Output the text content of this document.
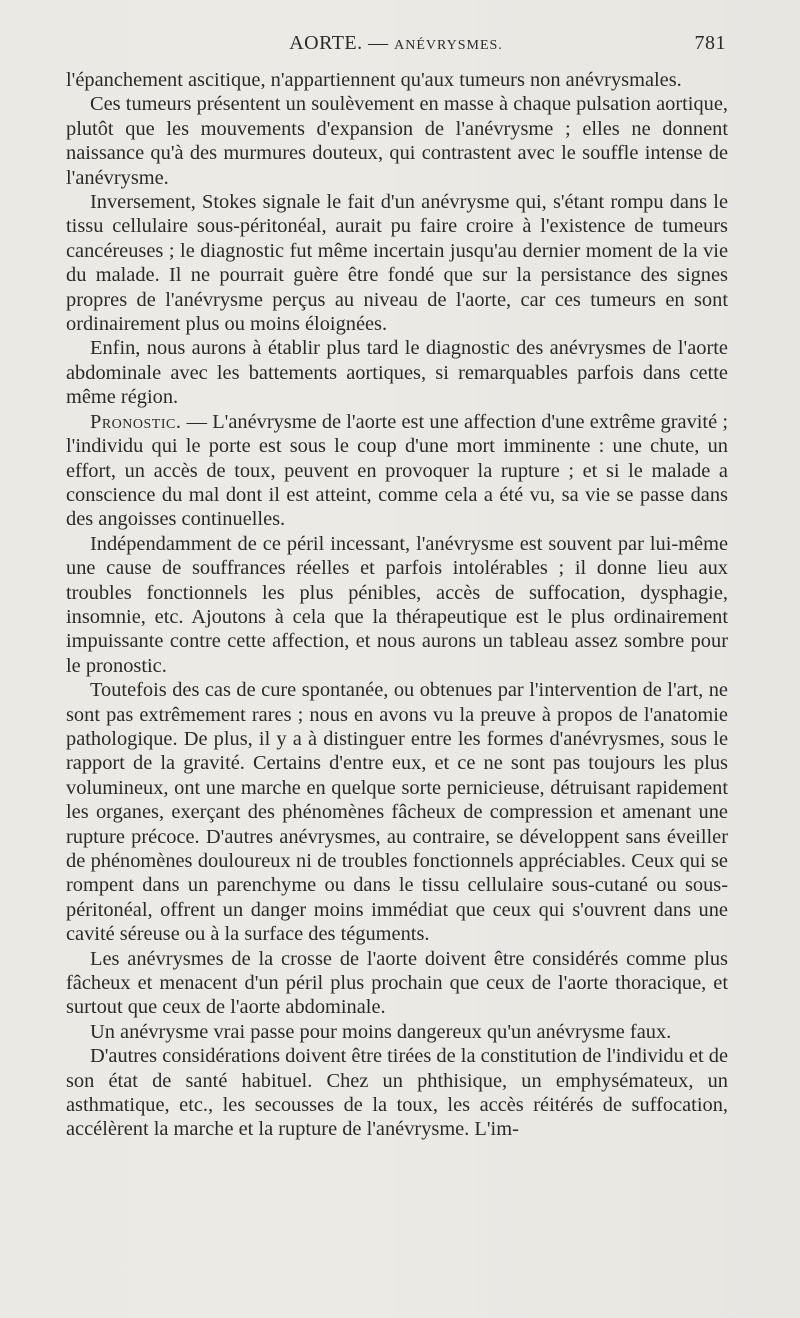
AORTE. — ANÉVRYSMES.	781

l'épanchement ascitique, n'appartiennent qu'aux tumeurs non anévrysmales.

Ces tumeurs présentent un soulèvement en masse à chaque pulsation aortique, plutôt que les mouvements d'expansion de l'anévrysme ; elles ne donnent naissance qu'à des murmures douteux, qui contrastent avec le souffle intense de l'anévrysme.

Inversement, Stokes signale le fait d'un anévrysme qui, s'étant rompu dans le tissu cellulaire sous-péritonéal, aurait pu faire croire à l'existence de tumeurs cancéreuses ; le diagnostic fut même incertain jusqu'au dernier moment de la vie du malade. Il ne pourrait guère être fondé que sur la persistance des signes propres de l'anévrysme perçus au niveau de l'aorte, car ces tumeurs en sont ordinairement plus ou moins éloignées.

Enfin, nous aurons à établir plus tard le diagnostic des anévrysmes de l'aorte abdominale avec les battements aortiques, si remarquables parfois dans cette même région.

Pronostic. — L'anévrysme de l'aorte est une affection d'une extrême gravité ; l'individu qui le porte est sous le coup d'une mort imminente : une chute, un effort, un accès de toux, peuvent en provoquer la rupture ; et si le malade a conscience du mal dont il est atteint, comme cela a été vu, sa vie se passe dans des angoisses continuelles.

Indépendamment de ce péril incessant, l'anévrysme est souvent par lui-même une cause de souffrances réelles et parfois intolérables ; il donne lieu aux troubles fonctionnels les plus pénibles, accès de suffocation, dysphagie, insomnie, etc. Ajoutons à cela que la thérapeutique est le plus ordinairement impuissante contre cette affection, et nous aurons un tableau assez sombre pour le pronostic.

Toutefois des cas de cure spontanée, ou obtenues par l'intervention de l'art, ne sont pas extrêmement rares ; nous en avons vu la preuve à propos de l'anatomie pathologique. De plus, il y a à distinguer entre les formes d'anévrysmes, sous le rapport de la gravité. Certains d'entre eux, et ce ne sont pas toujours les plus volumineux, ont une marche en quelque sorte pernicieuse, détruisant rapidement les organes, exerçant des phénomènes fâcheux de compression et amenant une rupture précoce. D'autres anévrysmes, au contraire, se développent sans éveiller de phénomènes douloureux ni de troubles fonctionnels appréciables. Ceux qui se rompent dans un parenchyme ou dans le tissu cellulaire sous-cutané ou sous-péritonéal, offrent un danger moins immédiat que ceux qui s'ouvrent dans une cavité séreuse ou à la surface des téguments.

Les anévrysmes de la crosse de l'aorte doivent être considérés comme plus fâcheux et menacent d'un péril plus prochain que ceux de l'aorte thoracique, et surtout que ceux de l'aorte abdominale.

Un anévrysme vrai passe pour moins dangereux qu'un anévrysme faux.

D'autres considérations doivent être tirées de la constitution de l'individu et de son état de santé habituel. Chez un phthisique, un emphysémateux, un asthmatique, etc., les secousses de la toux, les accès réitérés de suffocation, accélèrent la marche et la rupture de l'anévrysme. L'im-
